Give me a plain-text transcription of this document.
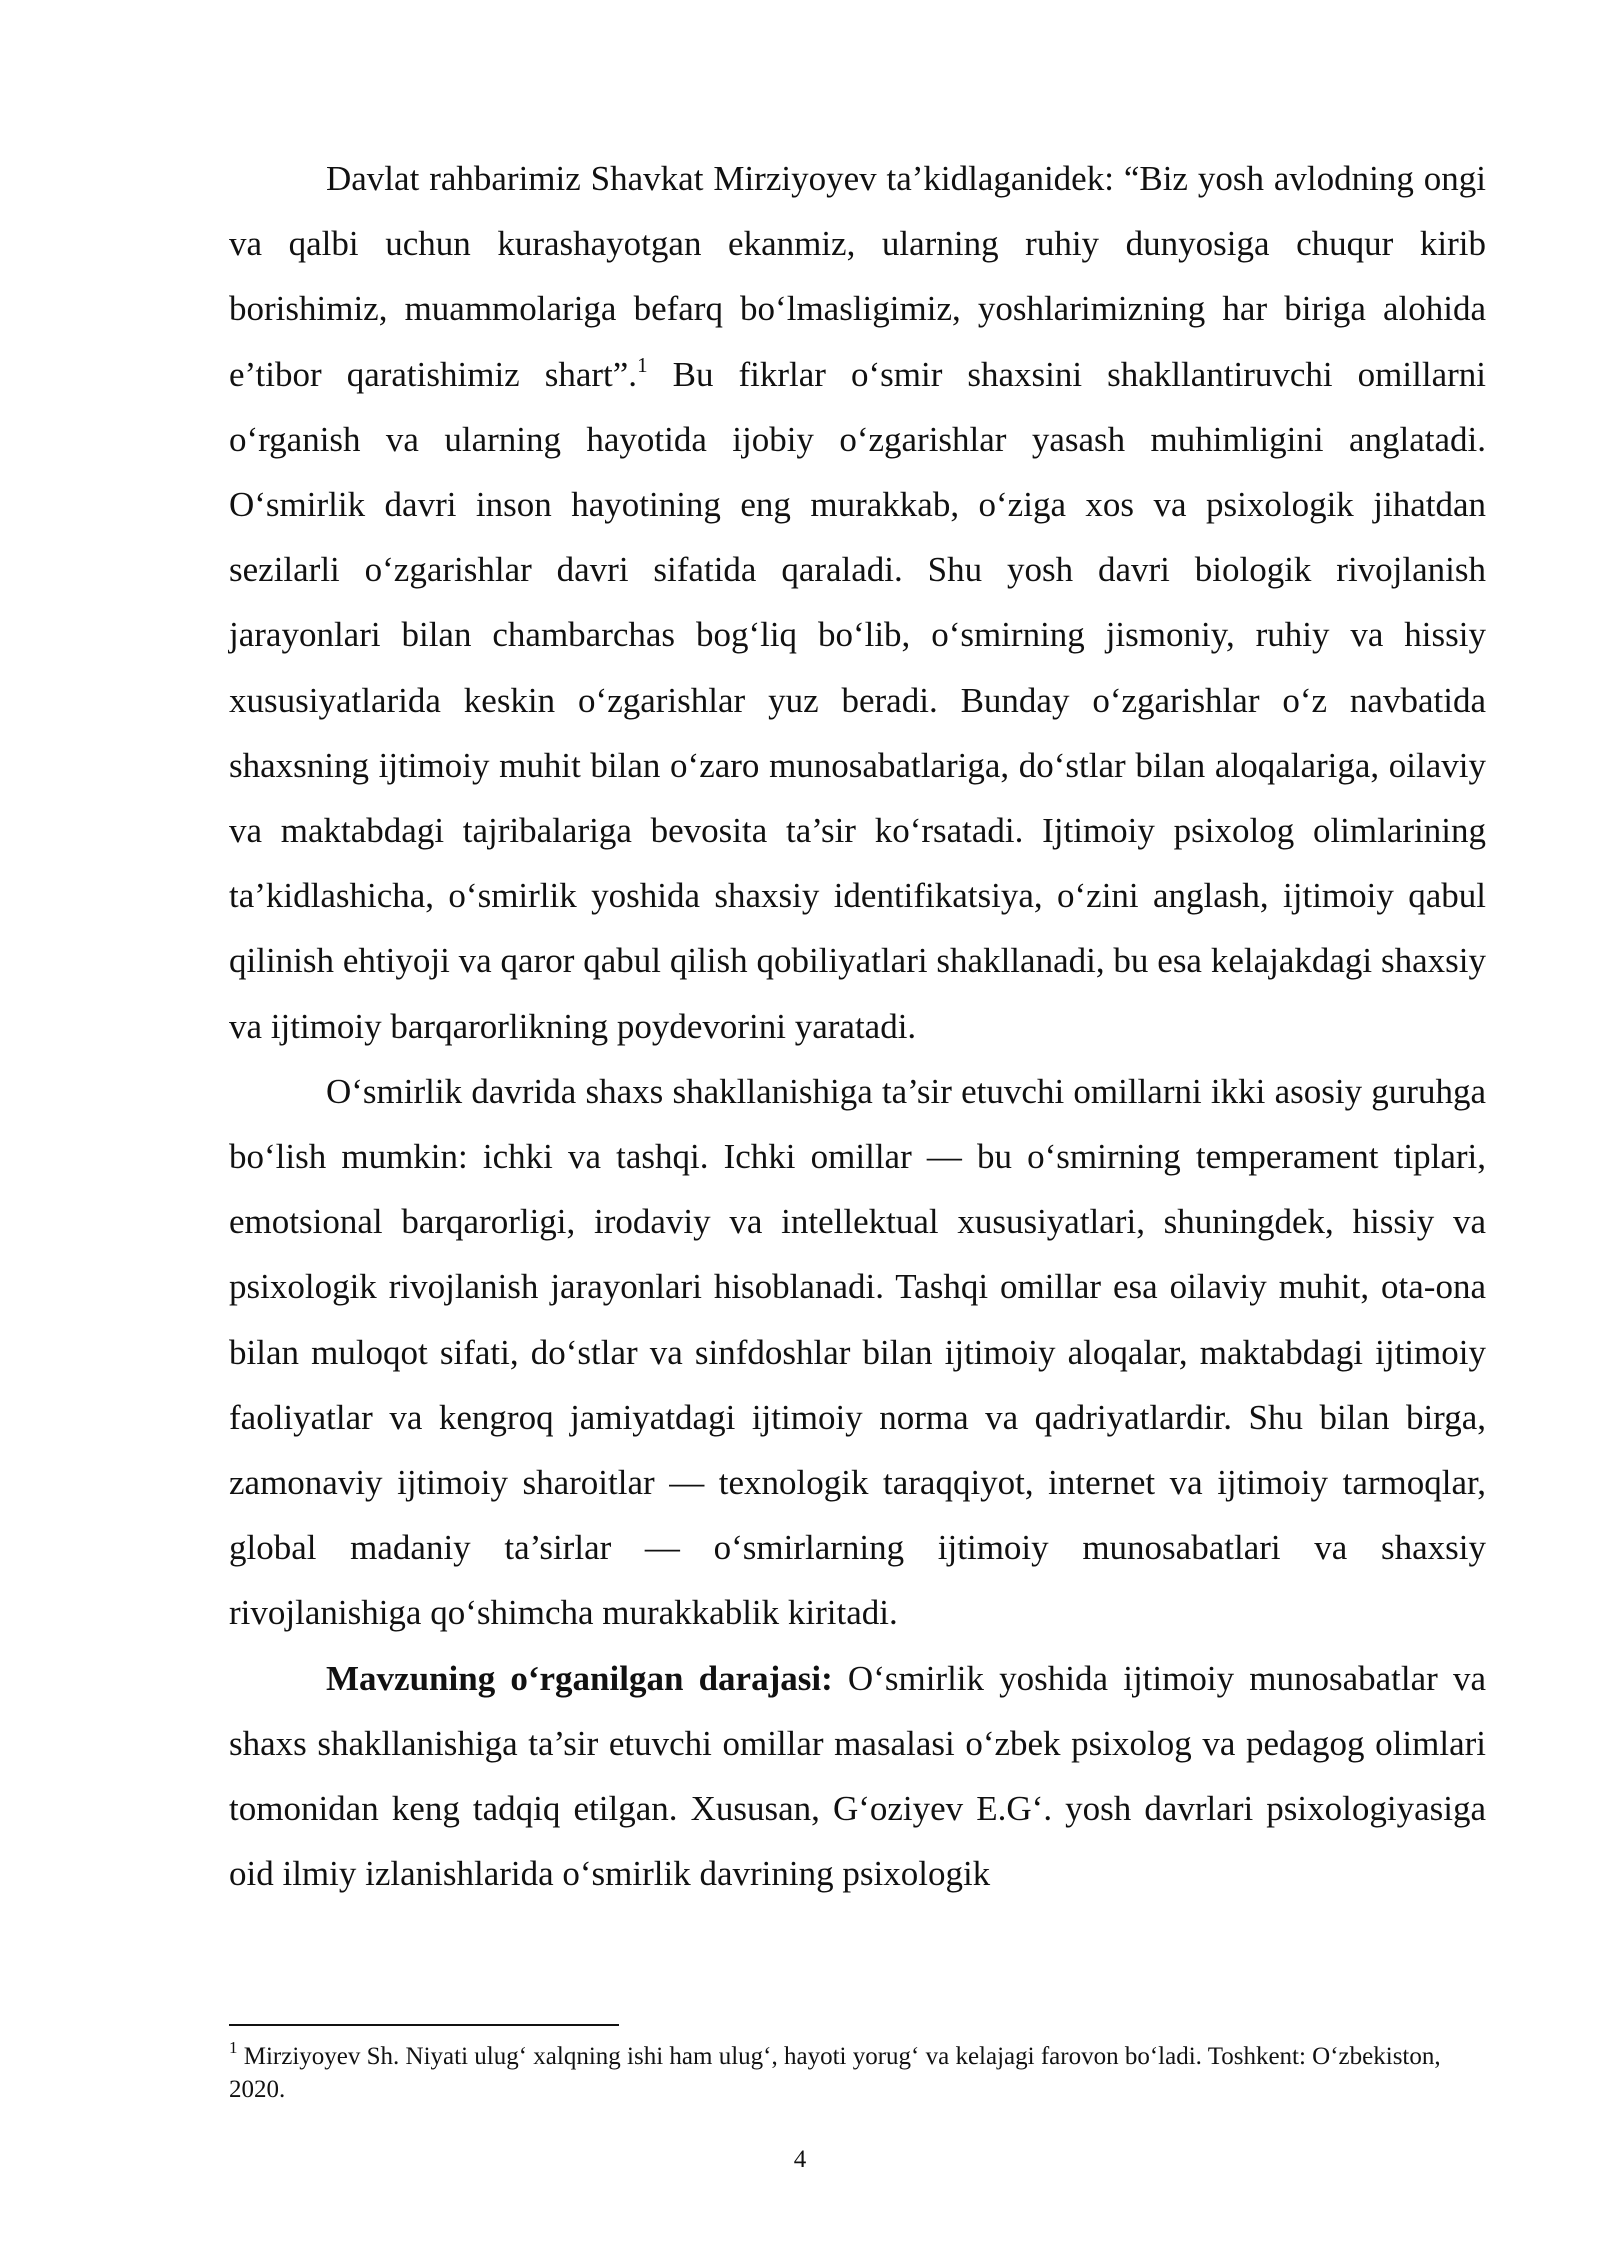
Davlat rahbarimiz Shavkat Mirziyoyev ta’kidlaganidek: “Biz yosh avlodning ongi va qalbi uchun kurashayotgan ekanmiz, ularning ruhiy dunyosiga chuqur kirib borishimiz, muammolariga befarq bo‘lmasligimiz, yoshlarimizning har biriga alohida e’tibor qaratishimiz shart”.$^1$ Bu fikrlar o‘smir shaxsini shakllantiruvchi omillarni o‘rganish va ularning hayotida ijobiy o‘zgarishlar yasash muhimligini anglatadi. O‘smirlik davri inson hayotining eng murakkab, o‘ziga xos va psixologik jihatdan sezilarli o‘zgarishlar davri sifatida qaraladi. Shu yosh davri biologik rivojlanish jarayonlari bilan chambarchas bog‘liq bo‘lib, o‘smirning jismoniy, ruhiy va hissiy xususiyatlarida keskin o‘zgarishlar yuz beradi. Bunday o‘zgarishlar o‘z navbatida shaxsning ijtimoiy muhit bilan o‘zaro munosabatlariga, do‘stlar bilan aloqalariga, oilaviy va maktabdagi tajribalariga bevosita ta’sir ko‘rsatadi. Ijtimoiy psixolog olimlarining ta’kidlashicha, o‘smirlik yoshida shaxsiy identifikatsiya, o‘zini anglash, ijtimoiy qabul qilinish ehtiyoji va qaror qabul qilish qobiliyatlari shakllanadi, bu esa kelajakdagi shaxsiy va ijtimoiy barqarorlikning poydevorini yaratadi.

O‘smirlik davrida shaxs shakllanishiga ta’sir etuvchi omillarni ikki asosiy guruhga bo‘lish mumkin: ichki va tashqi. Ichki omillar — bu o‘smirning temperament tiplari, emotsional barqarorligi, irodaviy va intellektual xususiyatlari, shuningdek, hissiy va psixologik rivojlanish jarayonlari hisoblanadi. Tashqi omillar esa oilaviy muhit, ota-ona bilan muloqot sifati, do‘stlar va sinfdoshlar bilan ijtimoiy aloqalar, maktabdagi ijtimoiy faoliyatlar va kengroq jamiyatdagi ijtimoiy norma va qadriyatlardir. Shu bilan birga, zamonaviy ijtimoiy sharoitlar — texnologik taraqqiyot, internet va ijtimoiy tarmoqlar, global madaniy ta’sirlar — o‘smirlarning ijtimoiy munosabatlari va shaxsiy rivojlanishiga qo‘shimcha murakkablik kiritadi.

Mavzuning o‘rganilgan darajasi: O‘smirlik yoshida ijtimoiy munosabatlar va shaxs shakllanishiga ta’sir etuvchi omillar masalasi o‘zbek psixolog va pedagog olimlari tomonidan keng tadqiq etilgan. Xususan, G‘oziyev E.G‘. yosh davrlari psixologiyasiga oid ilmiy izlanishlarida o‘smirlik davrining psixologik

$^1$ Mirziyoyev Sh. Niyati ulug‘ xalqning ishi ham ulug‘, hayoti yorug‘ va kelajagi farovon bo‘ladi. Toshkent: O‘zbekiston, 2020.

4
